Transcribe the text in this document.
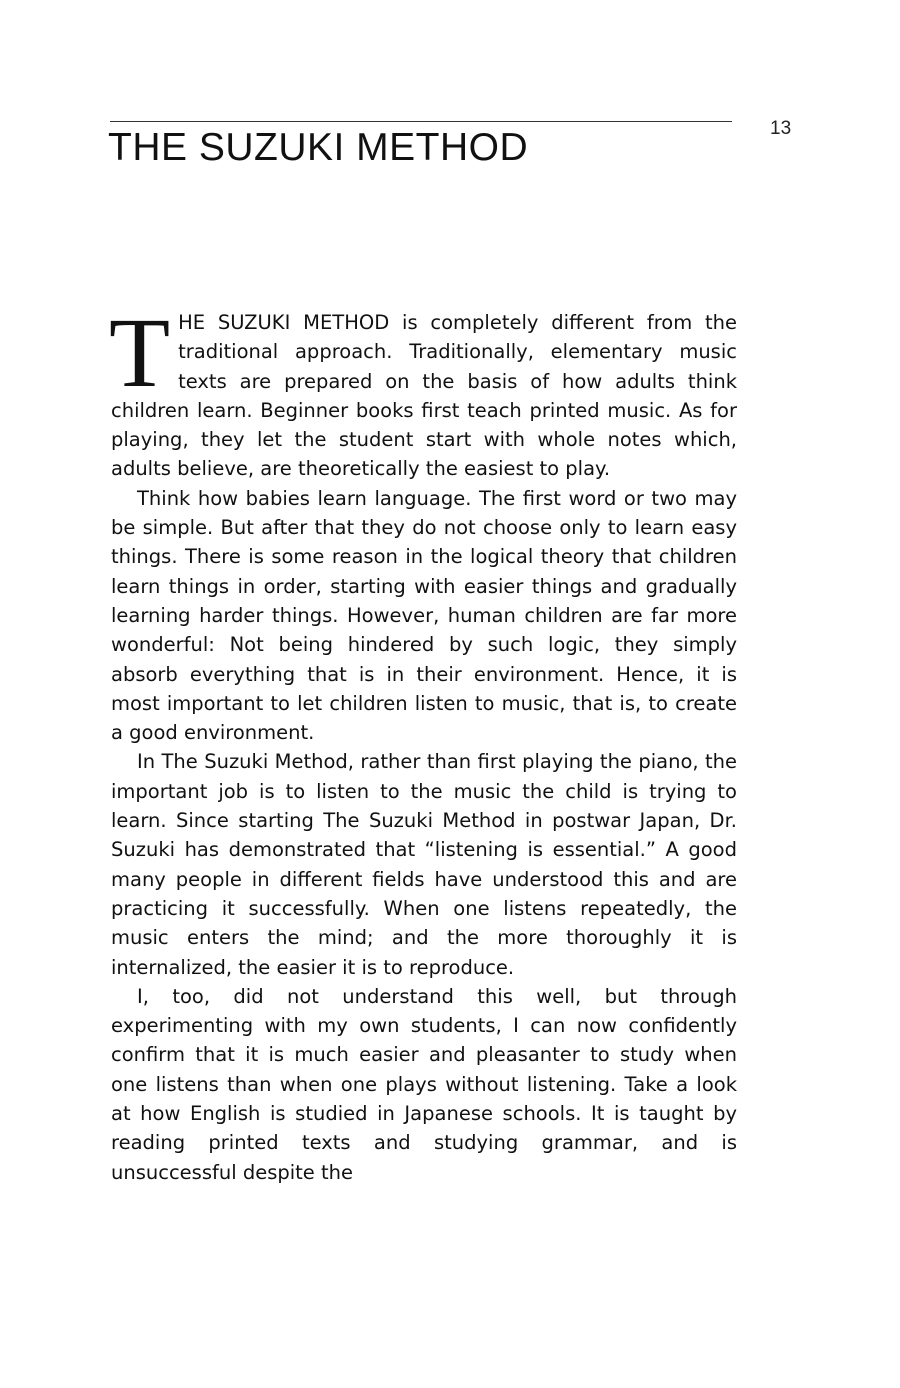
13
THE SUZUKI METHOD

THE SUZUKI METHOD is completely different from the traditional approach. Traditionally, elementary music texts are prepared on the basis of how adults think children learn. Beginner books first teach printed music. As for playing, they let the student start with whole notes which, adults believe, are theoretically the easiest to play.

Think how babies learn language. The first word or two may be simple. But after that they do not choose only to learn easy things. There is some reason in the logical theory that children learn things in order, starting with easier things and gradually learning harder things. However, human children are far more wonderful: Not being hindered by such logic, they simply absorb everything that is in their environment. Hence, it is most important to let children listen to music, that is, to create a good environment.

In The Suzuki Method, rather than first playing the piano, the important job is to listen to the music the child is trying to learn. Since starting The Suzuki Method in postwar Japan, Dr. Suzuki has demonstrated that “listening is essential.” A good many people in different fields have understood this and are practicing it successfully. When one listens repeatedly, the music enters the mind; and the more thoroughly it is internalized, the easier it is to reproduce.

I, too, did not understand this well, but through experimenting with my own students, I can now confidently confirm that it is much easier and pleasanter to study when one listens than when one plays without listening. Take a look at how English is studied in Japanese schools. It is taught by reading printed texts and studying grammar, and is unsuccessful despite the
